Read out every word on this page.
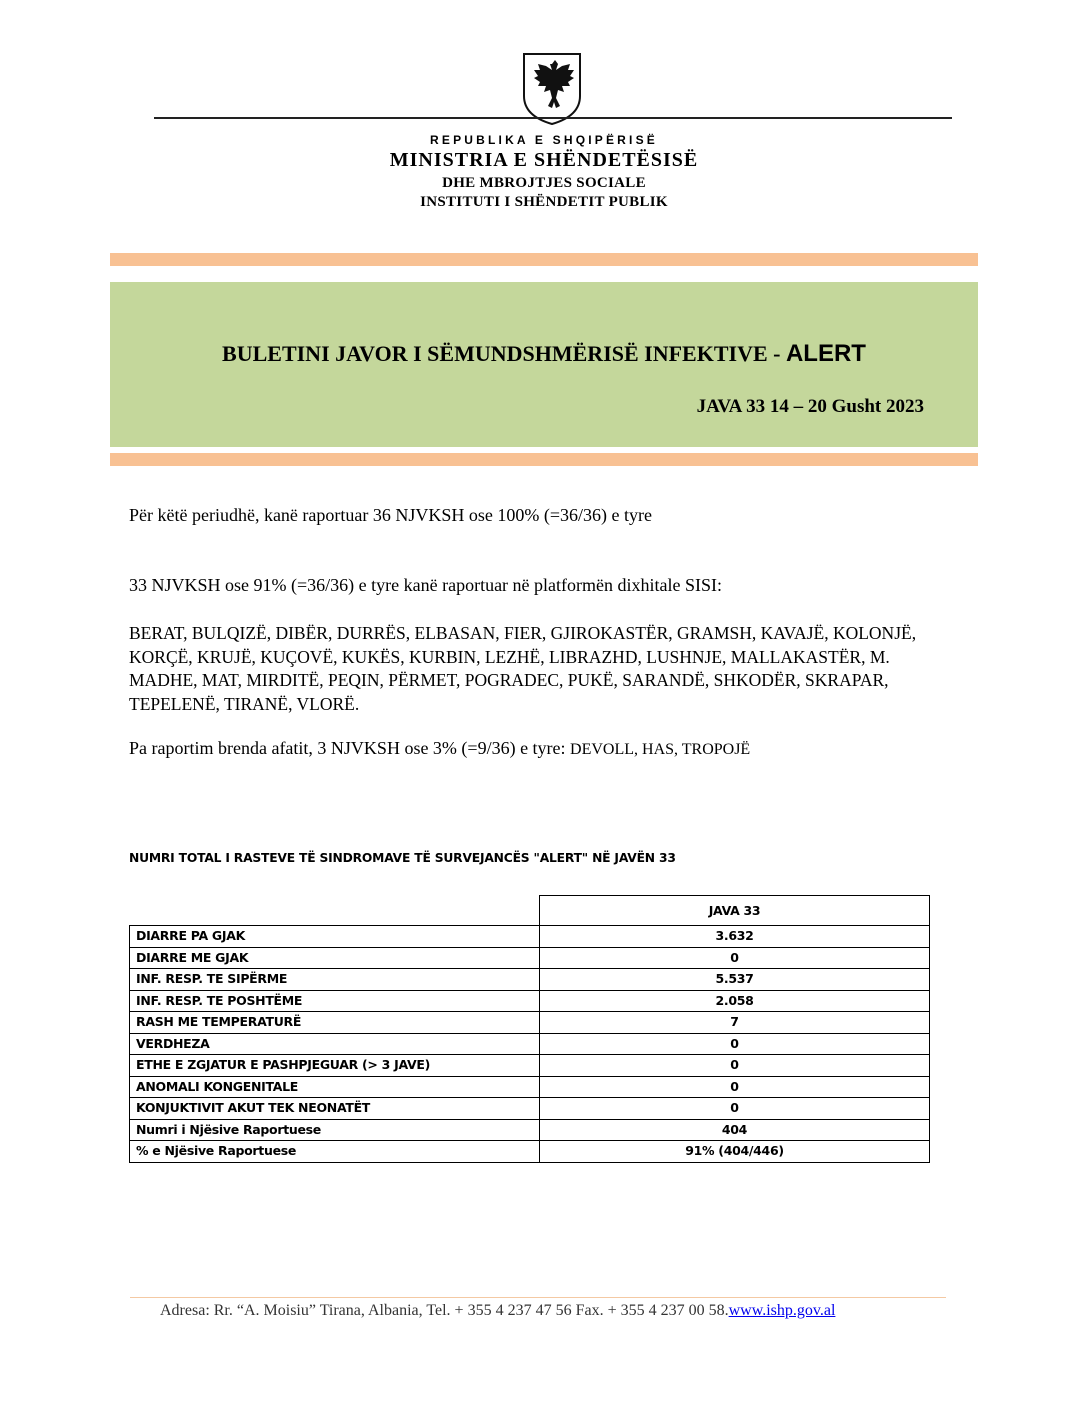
REPUBLIKA E SHQIPËRISË
MINISTRIA E SHËNDETËSISË
DHE MBROJTJES SOCIALE
INSTITUTI I SHËNDETIT PUBLIK
BULETINI JAVOR I SËMUNDSHMËRISË INFEKTIVE - ALERT
JAVA 33 14 – 20 Gusht 2023
Për këtë periudhë, kanë raportuar 36 NJVKSH ose 100% (=36/36) e tyre
33 NJVKSH ose 91% (=36/36) e tyre kanë raportuar në platformën dixhitale SISI:
BERAT, BULQIZË, DIBËR, DURRËS, ELBASAN, FIER, GJIROKASTËR, GRAMSH, KAVAJË, KOLONJË, KORÇË, KRUJË, KUÇOVË, KUKËS, KURBIN, LEZHË, LIBRAZHD, LUSHNJE, MALLAKASTËR, M. MADHE, MAT, MIRDITË, PEQIN, PËRMET, POGRADEC, PUKË, SARANDË, SHKODËR, SKRAPAR, TEPELENË, TIRANË, VLORË.
Pa raportim brenda afatit, 3 NJVKSH ose 3% (=9/36) e tyre: DEVOLL, HAS, TROPOJË
NUMRI TOTAL I RASTEVE TË SINDROMAVE TË SURVEJANCËS "ALERT" NË JAVËN 33
	JAVA 33
DIARRE PA GJAK	3.632
DIARRE ME GJAK	0
INF. RESP. TE SIPËRME	5.537
INF. RESP. TE POSHTËME	2.058
RASH ME TEMPERATURË	7
VERDHEZA	0
ETHE E ZGJATUR E PASHPJEGUAR (> 3 JAVE)	0
ANOMALI KONGENITALE	0
KONJUKTIVIT AKUT TEK NEONATËT	0
Numri i Njësive Raportuese	404
% e Njësive Raportuese	91% (404/446)
Adresa: Rr. “A. Moisiu” Tirana, Albania, Tel. + 355 4 237 47 56 Fax. + 355 4 237 00 58.www.ishp.gov.al
